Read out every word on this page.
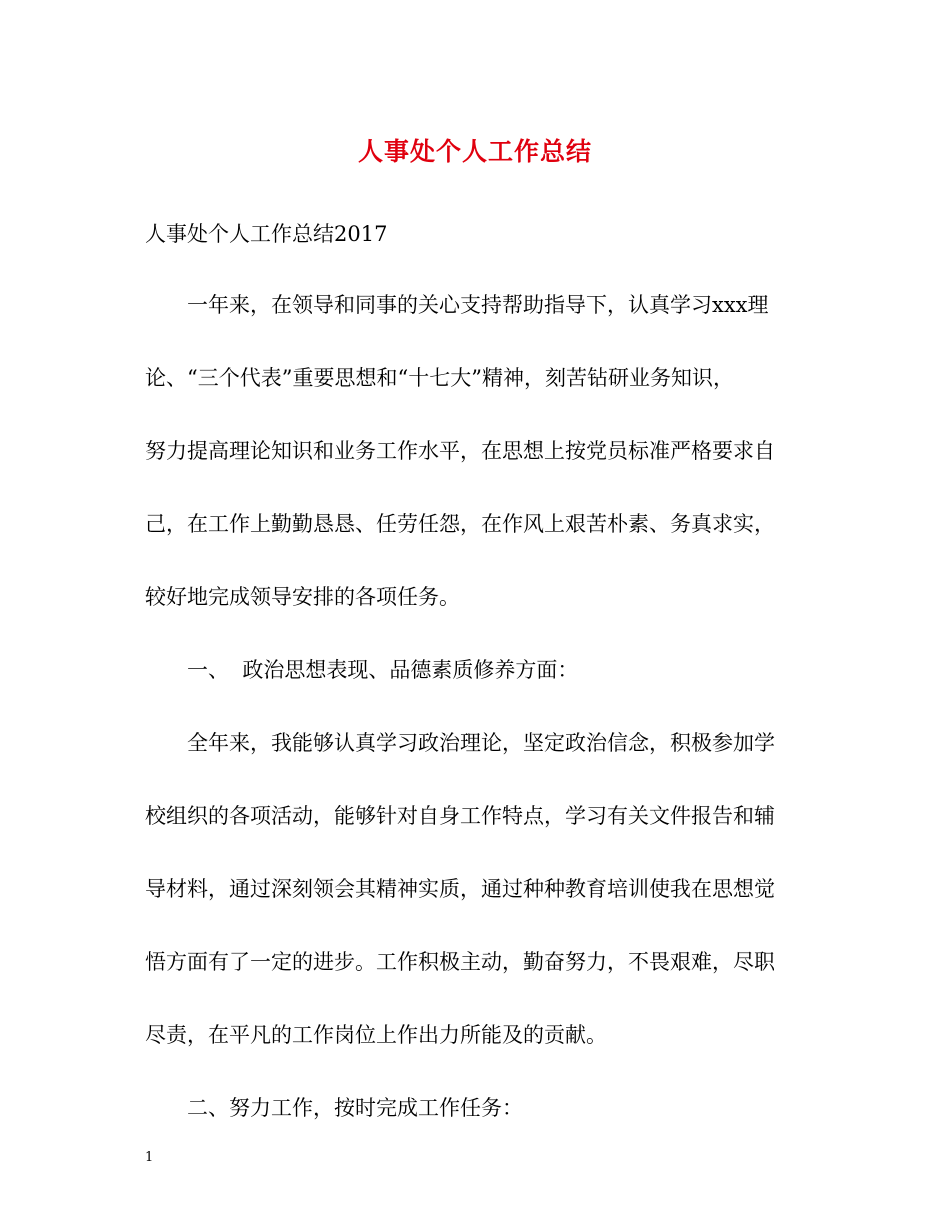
人事处个人工作总结
人事处个人工作总结2017
一年来，在领导和同事的关心支持帮助指导下，认真学习xxx理
论、“三个代表”重要思想和“十七大”精神，刻苦钻研业务知识，
努力提高理论知识和业务工作水平，在思想上按党员标准严格要求自
己，在工作上勤勤恳恳、任劳任怨，在作风上艰苦朴素、务真求实，
较好地完成领导安排的各项任务。
一、  政治思想表现、品德素质修养方面：
全年来，我能够认真学习政治理论，坚定政治信念，积极参加学
校组织的各项活动，能够针对自身工作特点，学习有关文件报告和辅
导材料，通过深刻领会其精神实质，通过种种教育培训使我在思想觉
悟方面有了一定的进步。工作积极主动，勤奋努力，不畏艰难，尽职
尽责，在平凡的工作岗位上作出力所能及的贡献。
二、努力工作，按时完成工作任务：
1
